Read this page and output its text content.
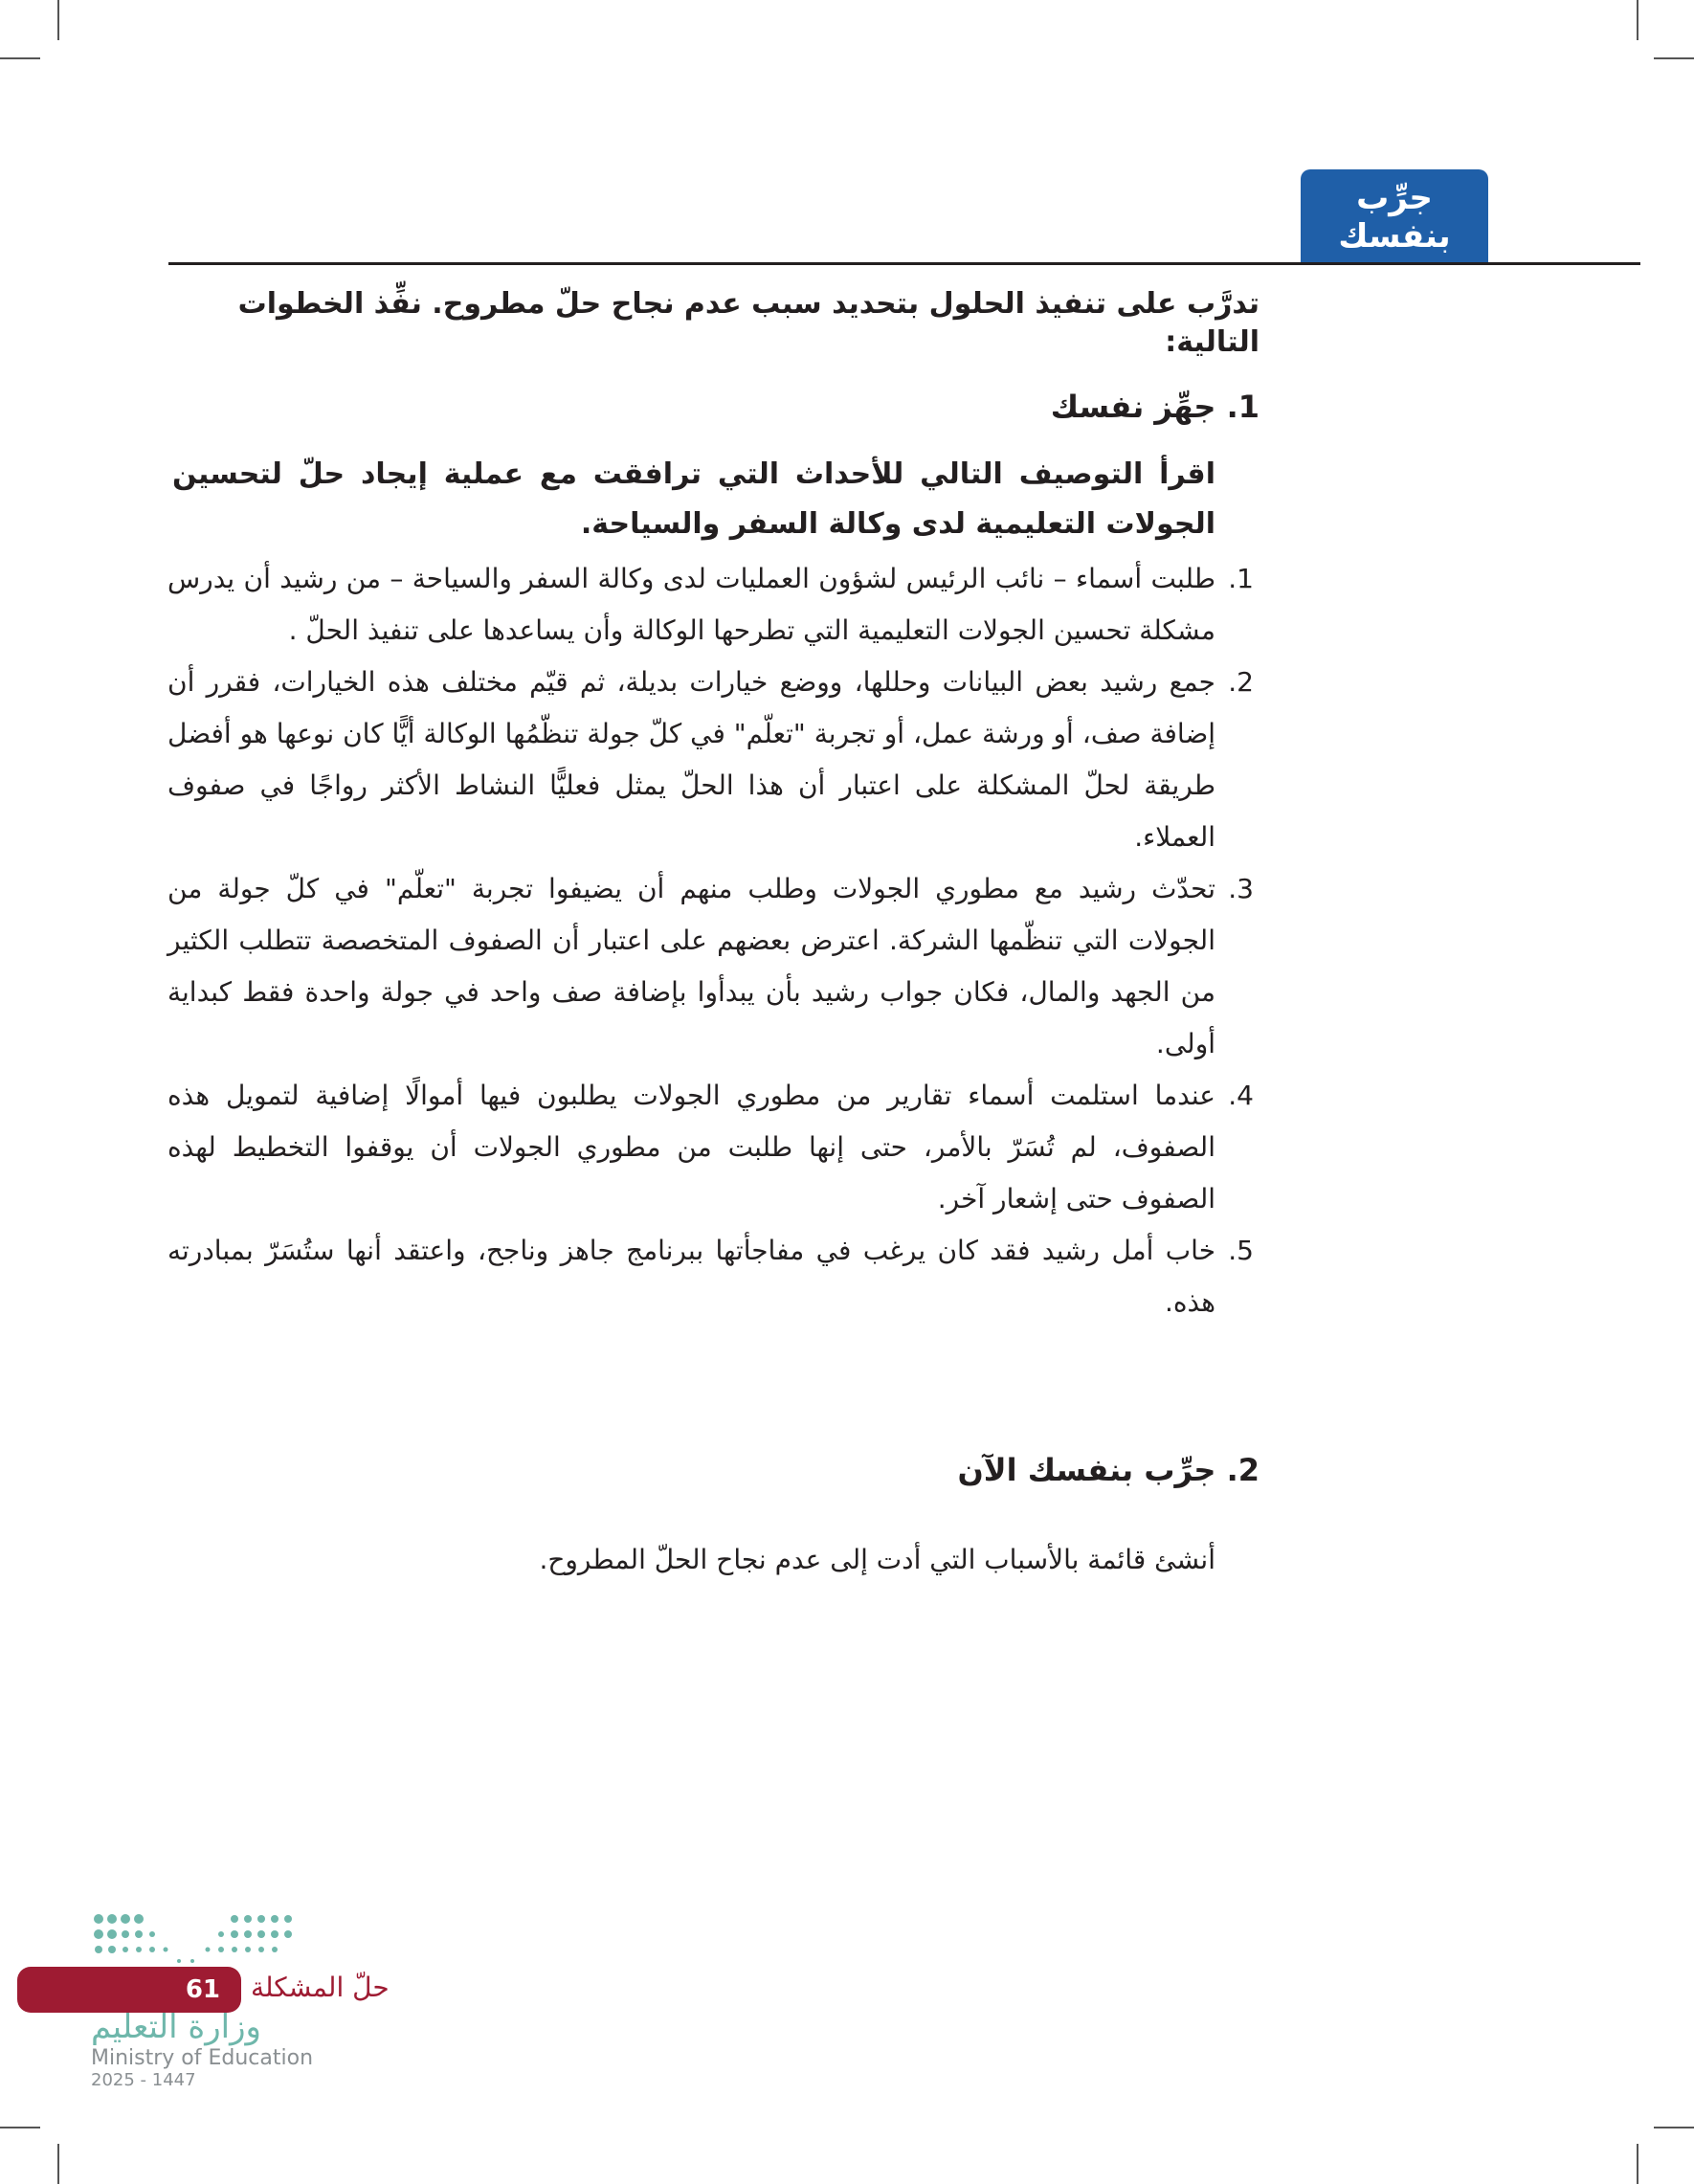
جرِّب
بنفسك
تدرَّب على تنفيذ الحلول بتحديد سبب عدم نجاح حلّ مطروح. نفِّذ الخطوات التالية:
1. جهِّز نفسك
اقرأ التوصيف التالي للأحداث التي ترافقت مع عملية إيجاد حلّ لتحسين الجولات التعليمية لدى وكالة السفر والسياحة.
1.
طلبت أسماء – نائب الرئيس لشؤون العمليات لدى وكالة السفر والسياحة – من رشيد أن يدرس مشكلة تحسين الجولات التعليمية التي تطرحها الوكالة وأن يساعدها على تنفيذ الحلّ .
2.
جمع رشيد بعض البيانات وحللها، ووضع خيارات بديلة، ثم قيّم مختلف هذه الخيارات، فقرر أن إضافة صف، أو ورشة عمل، أو تجربة "تعلّم" في كلّ جولة تنظّمُها الوكالة أيًّا كان نوعها هو أفضل طريقة لحلّ المشكلة على اعتبار أن هذا الحلّ يمثل فعليًّا النشاط الأكثر رواجًا في صفوف العملاء.
3.
تحدّث رشيد مع مطوري الجولات وطلب منهم أن يضيفوا تجربة "تعلّم" في كلّ جولة من الجولات التي تنظّمها الشركة. اعترض بعضهم على اعتبار أن الصفوف المتخصصة تتطلب الكثير من الجهد والمال، فكان جواب رشيد بأن يبدأوا بإضافة صف واحد في جولة واحدة فقط كبداية أولى.
4.
عندما استلمت أسماء تقارير من مطوري الجولات يطلبون فيها أموالًا إضافية لتمويل هذه الصفوف، لم تُسَرّ بالأمر، حتى إنها طلبت من مطوري الجولات أن يوقفوا التخطيط لهذه الصفوف حتى إشعار آخر.
5.
خاب أمل رشيد فقد كان يرغب في مفاجأتها ببرنامج جاهز وناجح، واعتقد أنها ستُسَرّ بمبادرته هذه.
2. جرِّب بنفسك الآن
أنشئ قائمة بالأسباب التي أدت إلى عدم نجاح الحلّ المطروح.
61	حلّ المشكلة
وزارة التعليم
Ministry of Education
2025 - 1447
